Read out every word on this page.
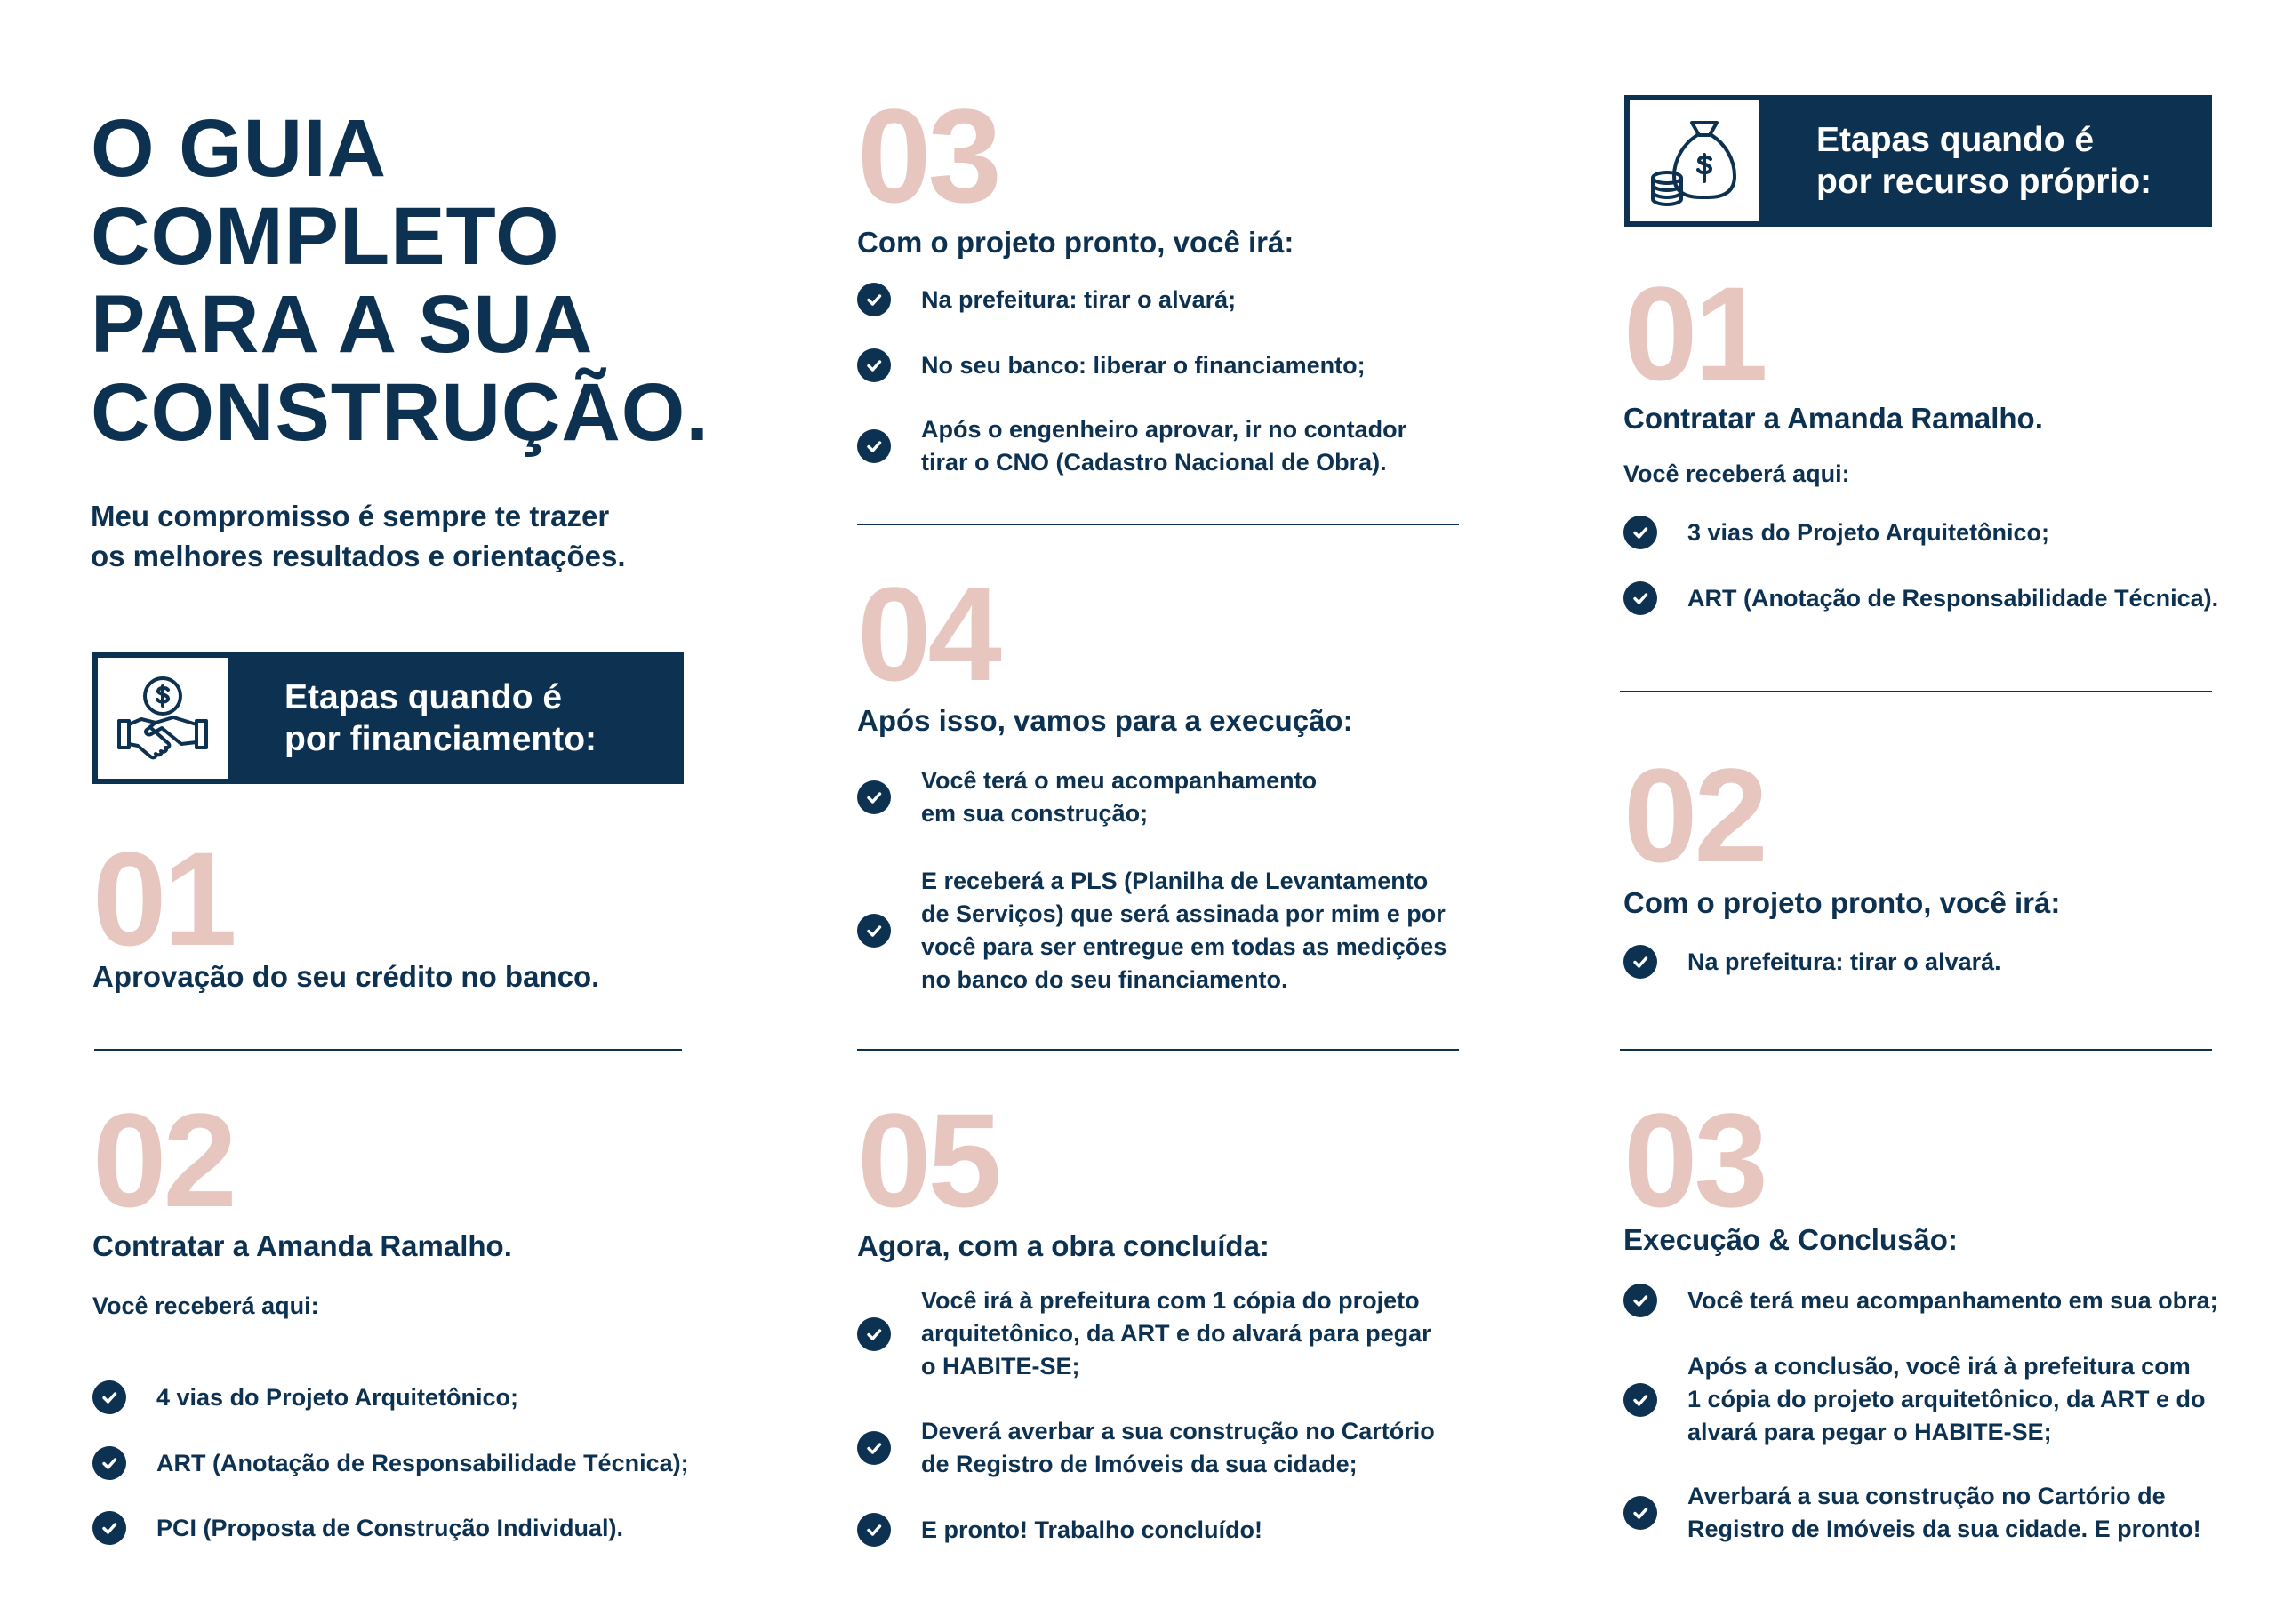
O GUIA
COMPLETO
PARA A SUA
CONSTRUÇÃO.
Meu compromisso é sempre te trazer
os melhores resultados e orientações.
Etapas quando é
por financiamento:
01
Aprovação do seu crédito no banco.
02
Contratar a Amanda Ramalho.
Você receberá aqui:
4 vias do Projeto Arquitetônico;
ART (Anotação de Responsabilidade Técnica);
PCI (Proposta de Construção Individual).
03
Com o projeto pronto, você irá:
Na prefeitura: tirar o alvará;
No seu banco: liberar o financiamento;
Após o engenheiro aprovar, ir no contador
tirar o CNO (Cadastro Nacional de Obra).
04
Após isso, vamos para a execução:
Você terá o meu acompanhamento
em sua construção;
E receberá a PLS (Planilha de Levantamento
de Serviços) que será assinada por mim e por
você para ser entregue em todas as medições
no banco do seu financiamento.
05
Agora, com a obra concluída:
Você irá à prefeitura com 1 cópia do projeto
arquitetônico, da ART e do alvará para pegar
o HABITE-SE;
Deverá averbar a sua construção no Cartório
de Registro de Imóveis da sua cidade;
E pronto! Trabalho concluído!
Etapas quando é
por recurso próprio:
01
Contratar a Amanda Ramalho.
Você receberá aqui:
3 vias do Projeto Arquitetônico;
ART (Anotação de Responsabilidade Técnica).
02
Com o projeto pronto, você irá:
Na prefeitura: tirar o alvará.
03
Execução & Conclusão:
Você terá meu acompanhamento em sua obra;
Após a conclusão, você irá à prefeitura com
1 cópia do projeto arquitetônico, da ART e do
alvará para pegar o HABITE-SE;
Averbará a sua construção no Cartório de
Registro de Imóveis da sua cidade. E pronto!
